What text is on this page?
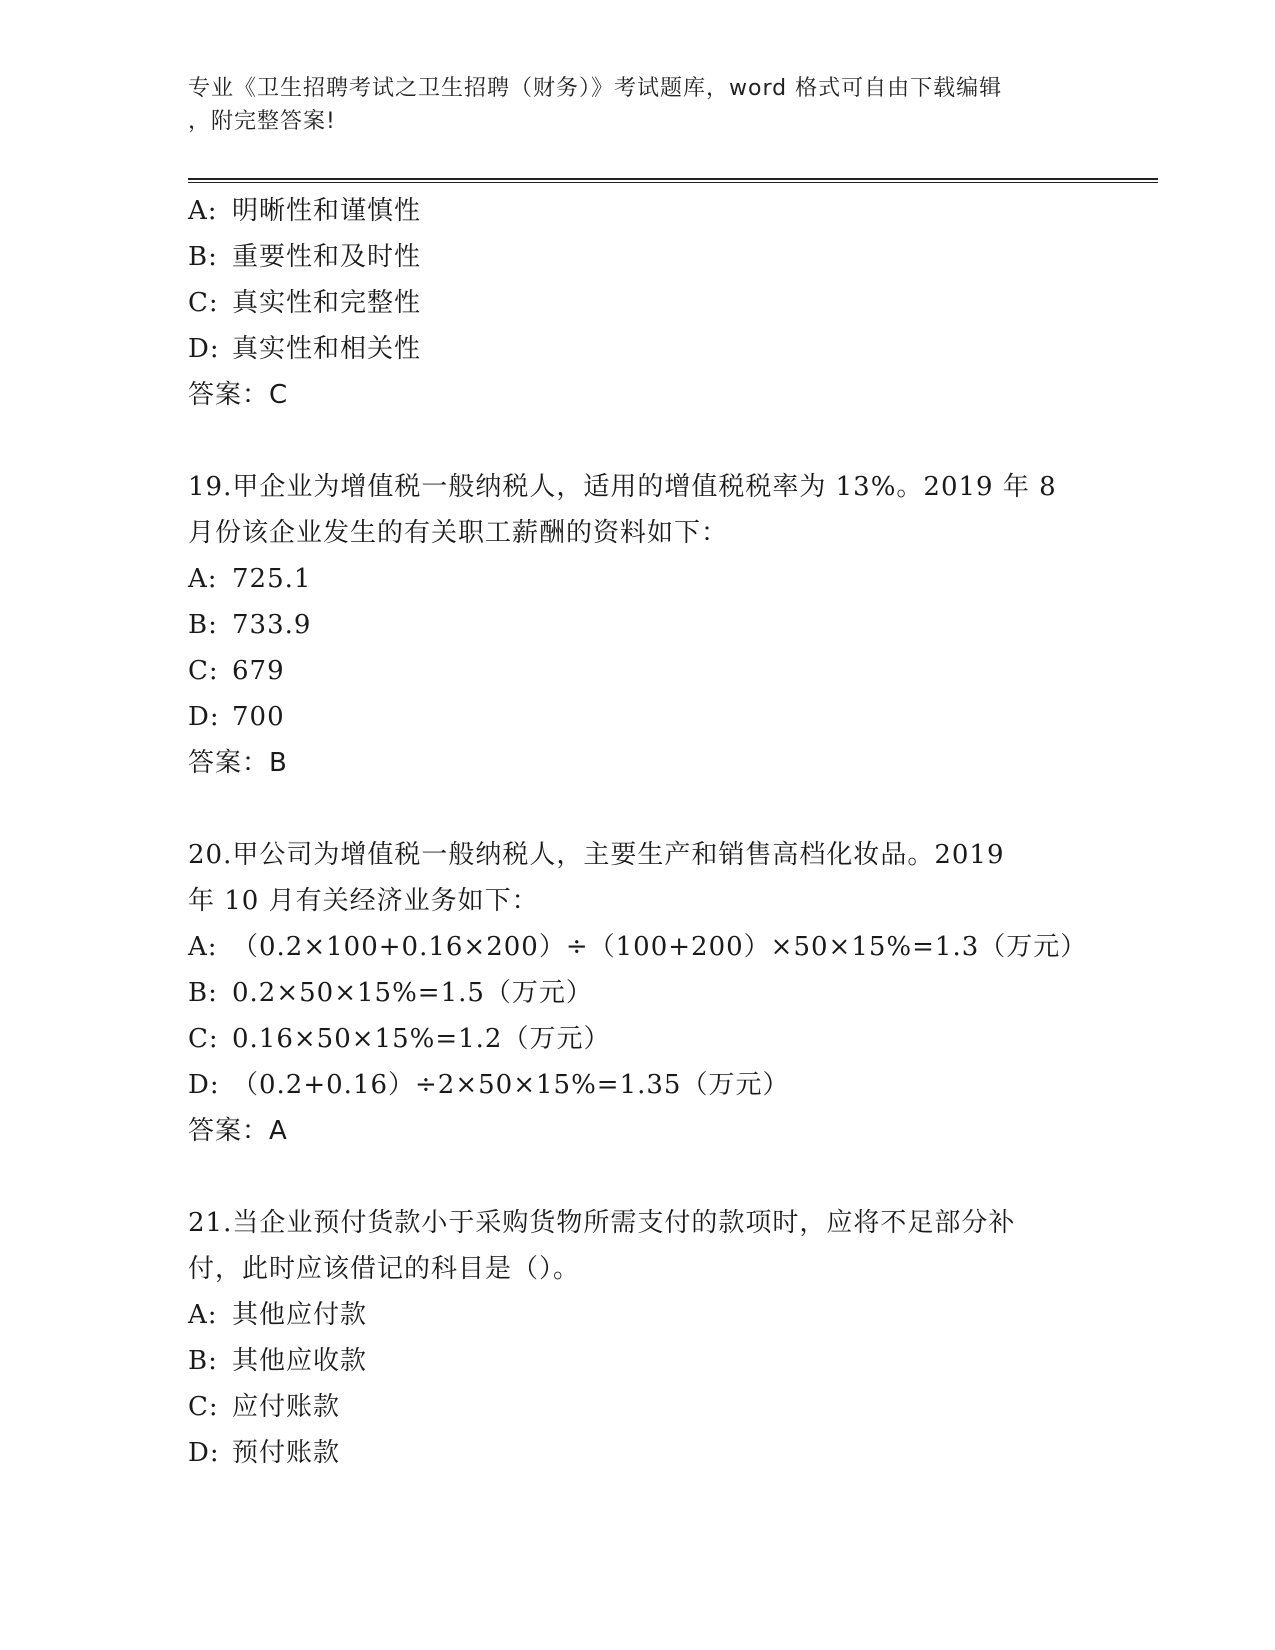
专业《卫生招聘考试之卫生招聘（财务）》考试题库，word 格式可自由下载编辑
，附完整答案!
A: 明晰性和谨慎性
B: 重要性和及时性
C: 真实性和完整性
D: 真实性和相关性
答案：C
19.甲企业为增值税一般纳税人，适用的增值税税率为 13%。2019 年 8
月份该企业发生的有关职工薪酬的资料如下：
A: 725.1
B: 733.9
C: 679
D: 700
答案：B
20.甲公司为增值税一般纳税人，主要生产和销售高档化妆品。2019
年 10 月有关经济业务如下：
A: （0.2×100+0.16×200）÷（100+200）×50×15%=1.3（万元）
B: 0.2×50×15%=1.5（万元）
C: 0.16×50×15%=1.2（万元）
D: （0.2+0.16）÷2×50×15%=1.35（万元）
答案：A
21.当企业预付货款小于采购货物所需支付的款项时，应将不足部分补
付，此时应该借记的科目是（）。
A: 其他应付款
B: 其他应收款
C: 应付账款
D: 预付账款
